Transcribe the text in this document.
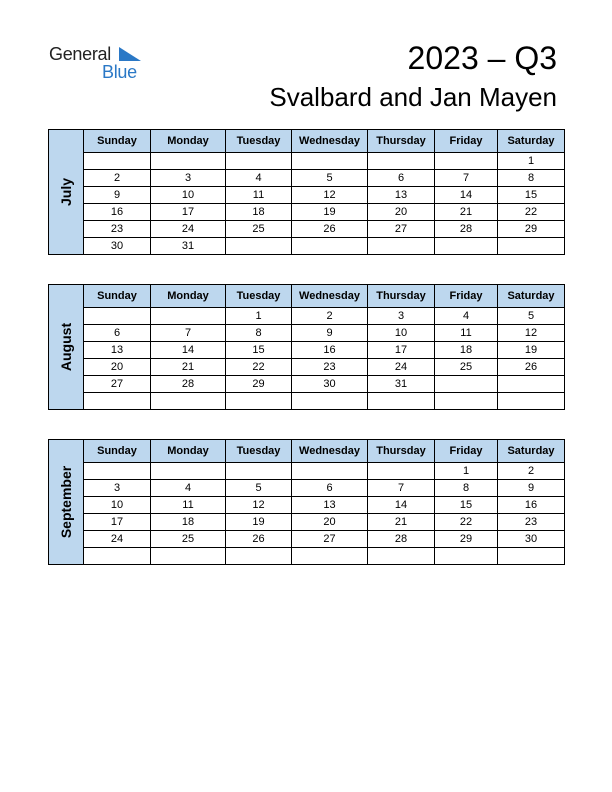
General
Blue	2023 – Q3
Svalbard and Jan Mayen
July	Sunday	Monday	Tuesday	Wednesday	Thursday	Friday	Saturday
							1
	2	3	4	5	6	7	8
	9	10	11	12	13	14	15
	16	17	18	19	20	21	22
	23	24	25	26	27	28	29
	30	31					
August	Sunday	Monday	Tuesday	Wednesday	Thursday	Friday	Saturday
			1	2	3	4	5
	6	7	8	9	10	11	12
	13	14	15	16	17	18	19
	20	21	22	23	24	25	26
	27	28	29	30	31		

September	Sunday	Monday	Tuesday	Wednesday	Thursday	Friday	Saturday
						1	2
	3	4	5	6	7	8	9
	10	11	12	13	14	15	16
	17	18	19	20	21	22	23
	24	25	26	27	28	29	30
